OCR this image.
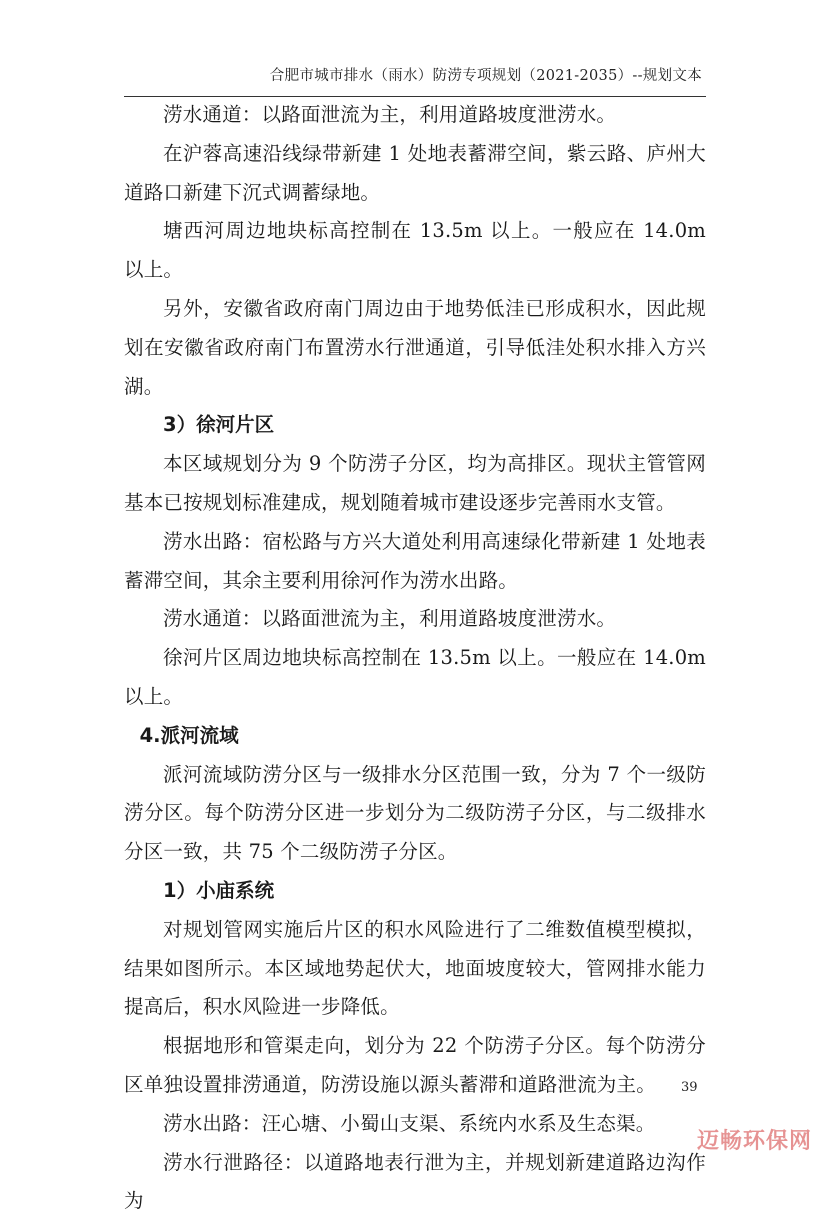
合肥市城市排水（雨水）防涝专项规划（2021-2035）--规划文本

涝水通道：以路面泄流为主，利用道路坡度泄涝水。

在沪蓉高速沿线绿带新建 1 处地表蓄滞空间，紫云路、庐州大道路口新建下沉式调蓄绿地。

塘西河周边地块标高控制在 13.5m 以上。一般应在 14.0m 以上。

另外，安徽省政府南门周边由于地势低洼已形成积水，因此规划在安徽省政府南门布置涝水行泄通道，引导低洼处积水排入方兴湖。

3）徐河片区

本区域规划分为 9 个防涝子分区，均为高排区。现状主管管网基本已按规划标准建成，规划随着城市建设逐步完善雨水支管。

涝水出路：宿松路与方兴大道处利用高速绿化带新建 1 处地表蓄滞空间，其余主要利用徐河作为涝水出路。

涝水通道：以路面泄流为主，利用道路坡度泄涝水。

徐河片区周边地块标高控制在 13.5m 以上。一般应在 14.0m 以上。

4.派河流域

派河流域防涝分区与一级排水分区范围一致，分为 7 个一级防涝分区。每个防涝分区进一步划分为二级防涝子分区，与二级排水分区一致，共 75 个二级防涝子分区。

1）小庙系统

对规划管网实施后片区的积水风险进行了二维数值模型模拟，结果如图所示。本区域地势起伏大，地面坡度较大，管网排水能力提高后，积水风险进一步降低。

根据地形和管渠走向，划分为 22 个防涝子分区。每个防涝分区单独设置排涝通道，防涝设施以源头蓄滞和道路泄流为主。

涝水出路：汪心塘、小蜀山支渠、系统内水系及生态渠。

涝水行泄路径：以道路地表行泄为主，并规划新建道路边沟作为

39
迈畅环保网
